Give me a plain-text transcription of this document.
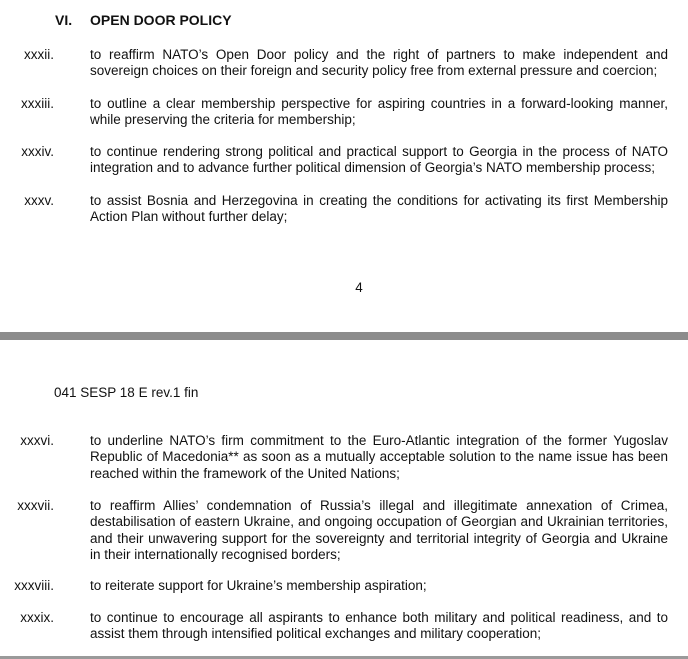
VI. OPEN DOOR POLICY
xxxii.	to reaffirm NATO’s Open Door policy and the right of partners to make independent and sovereign choices on their foreign and security policy free from external pressure and coercion;
xxxiii.	to outline a clear membership perspective for aspiring countries in a forward-looking manner, while preserving the criteria for membership;
xxxiv.	to continue rendering strong political and practical support to Georgia in the process of NATO integration and to advance further political dimension of Georgia’s NATO membership process;
xxxv.	to assist Bosnia and Herzegovina in creating the conditions for activating its first Membership Action Plan without further delay;
4
041 SESP 18 E rev.1 fin
xxxvi.	to underline NATO’s firm commitment to the Euro-Atlantic integration of the former Yugoslav Republic of Macedonia** as soon as a mutually acceptable solution to the name issue has been reached within the framework of the United Nations;
xxxvii.	to reaffirm Allies’ condemnation of Russia’s illegal and illegitimate annexation of Crimea, destabilisation of eastern Ukraine, and ongoing occupation of Georgian and Ukrainian territories, and their unwavering support for the sovereignty and territorial integrity of Georgia and Ukraine in their internationally recognised borders;
xxxviii.	to reiterate support for Ukraine’s membership aspiration;
xxxix.	to continue to encourage all aspirants to enhance both military and political readiness, and to assist them through intensified political exchanges and military cooperation;
